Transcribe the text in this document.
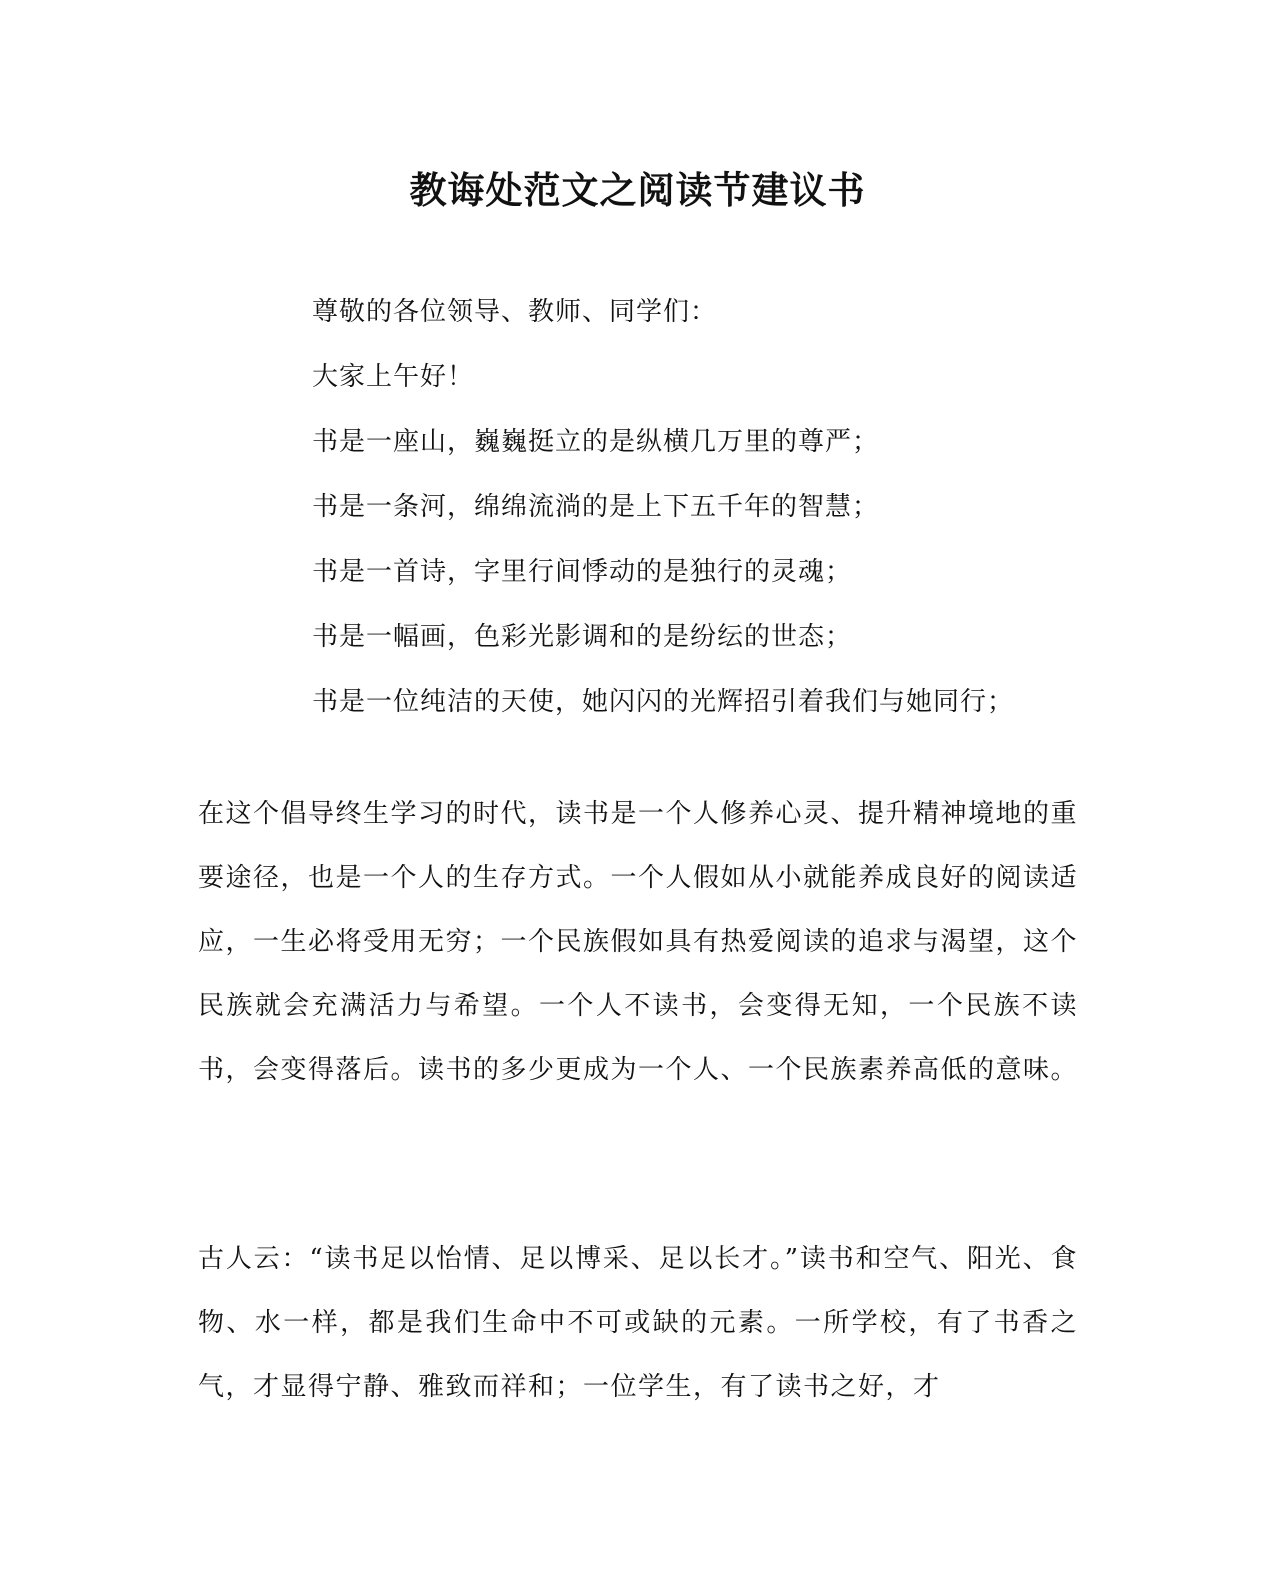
教诲处范文之阅读节建议书
尊敬的各位领导、教师、同学们：
大家上午好！
书是一座山，巍巍挺立的是纵横几万里的尊严；
书是一条河，绵绵流淌的是上下五千年的智慧；
书是一首诗，字里行间悸动的是独行的灵魂；
书是一幅画，色彩光影调和的是纷纭的世态；
书是一位纯洁的天使，她闪闪的光辉招引着我们与她同行；

在这个倡导终生学习的时代，读书是一个人修养心灵、提升精神境地的重要途径，也是一个人的生存方式。一个人假如从小就能养成良好的阅读适应，一生必将受用无穷；一个民族假如具有热爱阅读的追求与渴望，这个民族就会充满活力与希望。一个人不读书，会变得无知，一个民族不读书，会变得落后。读书的多少更成为一个人、一个民族素养高低的意味。

古人云：“读书足以怡情、足以博采、足以长才。”读书和空气、阳光、食物、水一样，都是我们生命中不可或缺的元素。一所学校，有了书香之气，才显得宁静、雅致而祥和；一位学生，有了读书之好，才
